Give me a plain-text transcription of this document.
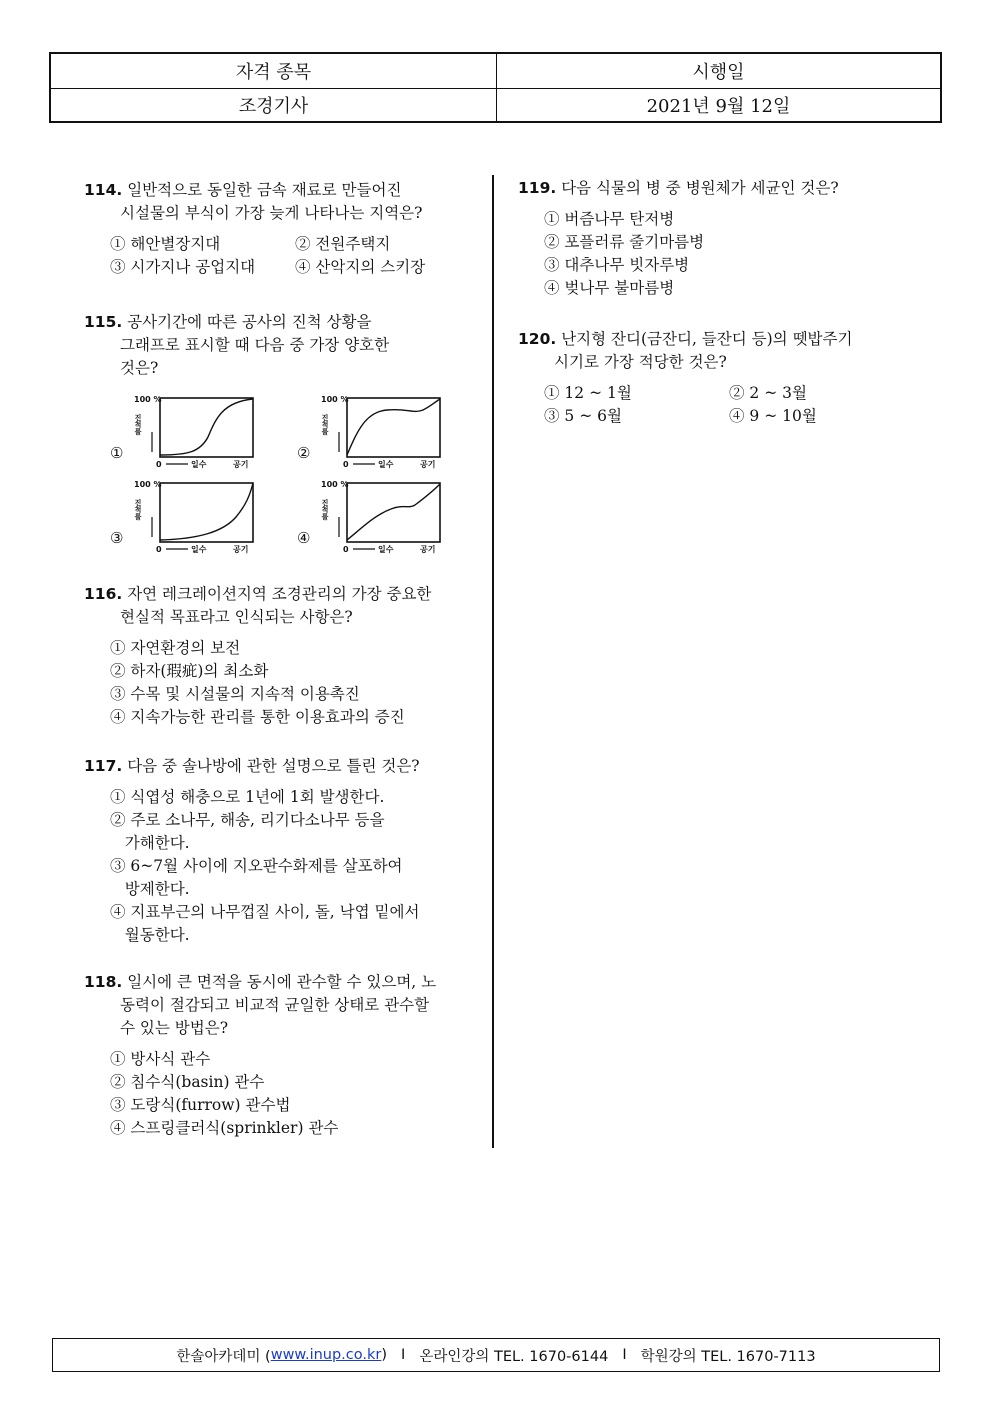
자격 종목	시행일
조경기사	2021년 9월 12일
114. 일반적으로 동일한 금속 재료로 만들어진
시설물의 부식이 가장 늦게 나타나는 지역은?
① 해안별장지대	② 전원주택지
③ 시가지나 공업지대	④ 산악지의 스키장
115. 공사기간에 따른 공사의 진척 상황을
그래프로 표시할 때 다음 중 가장 양호한
것은?
①
100 %
진척률
0	일수	공기
②
100 %
진척률
0	일수	공기
③
100 %
진척률
0	일수	공기
④
100 %
진척률
0	일수	공기
116. 자연 레크레이션지역 조경관리의 가장 중요한
현실적 목표라고 인식되는 사항은?
① 자연환경의 보전
② 하자(瑕疵)의 최소화
③ 수목 및 시설물의 지속적 이용촉진
④ 지속가능한 관리를 통한 이용효과의 증진
117. 다음 중 솔나방에 관한 설명으로 틀린 것은?
① 식엽성 해충으로 1년에 1회 발생한다.
② 주로 소나무, 해송, 리기다소나무 등을
가해한다.
③ 6~7월 사이에 지오판수화제를 살포하여
방제한다.
④ 지표부근의 나무껍질 사이, 돌, 낙엽 밑에서
월동한다.
118. 일시에 큰 면적을 동시에 관수할 수 있으며, 노
동력이 절감되고 비교적 균일한 상태로 관수할
수 있는 방법은?
① 방사식 관수
② 침수식(basin) 관수
③ 도랑식(furrow) 관수법
④ 스프링클러식(sprinkler) 관수
119. 다음 식물의 병 중 병원체가 세균인 것은?
① 버즘나무 탄저병
② 포플러류 줄기마름병
③ 대추나무 빗자루병
④ 벚나무 불마름병
120. 난지형 잔디(금잔디, 들잔디 등)의 뗏밥주기
시기로 가장 적당한 것은?
① 12 ~ 1월	② 2 ~ 3월
③ 5 ~ 6월	④ 9 ~ 10월
한솔아카데미 ( www.inup.co.kr ) I 온라인강의 TEL. 1670-6144 I 학원강의 TEL. 1670-7113
